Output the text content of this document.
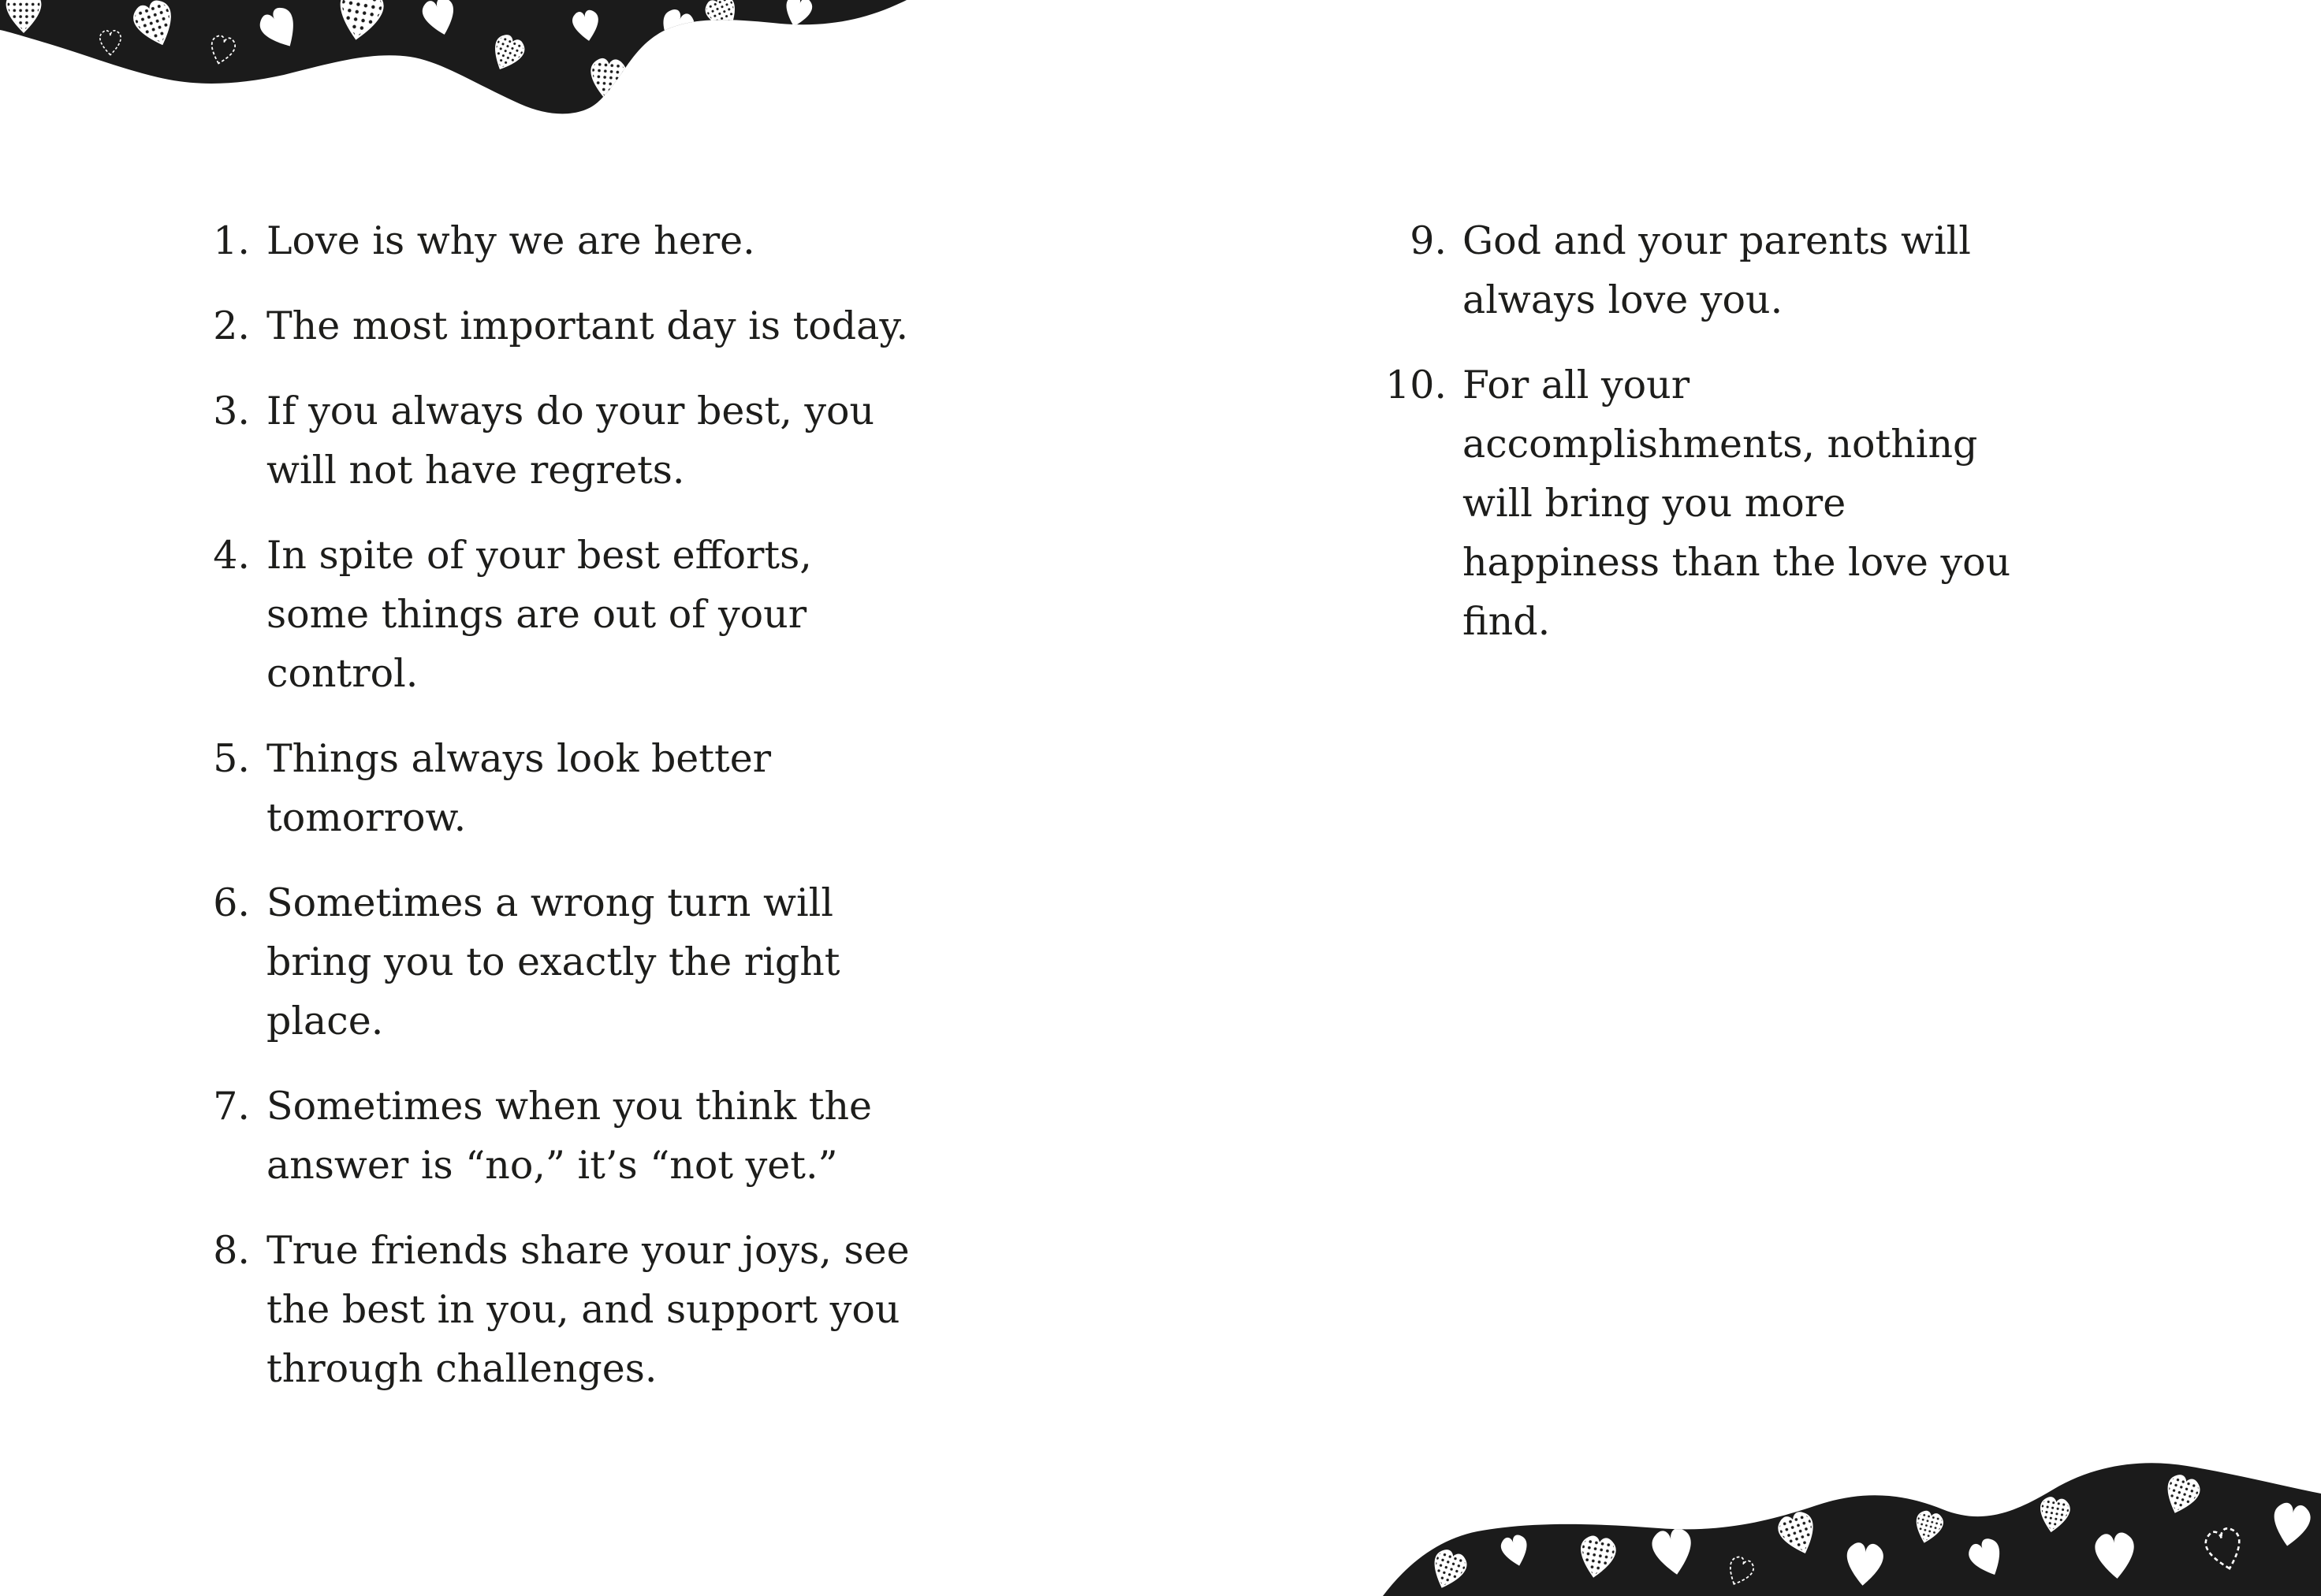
1. Love is why we are here.
2. The most important day is today.
3. If you always do your best, you will not have regrets.
4. In spite of your best efforts, some things are out of your control.
5. Things always look better tomorrow.
6. Sometimes a wrong turn will bring you to exactly the right place.
7. Sometimes when you think the answer is “no,” it’s “not yet.”
8. True friends share your joys, see the best in you, and support you through challenges.
9. God and your parents will always love you.
10. For all your accomplishments, nothing will bring you more happiness than the love you find.
